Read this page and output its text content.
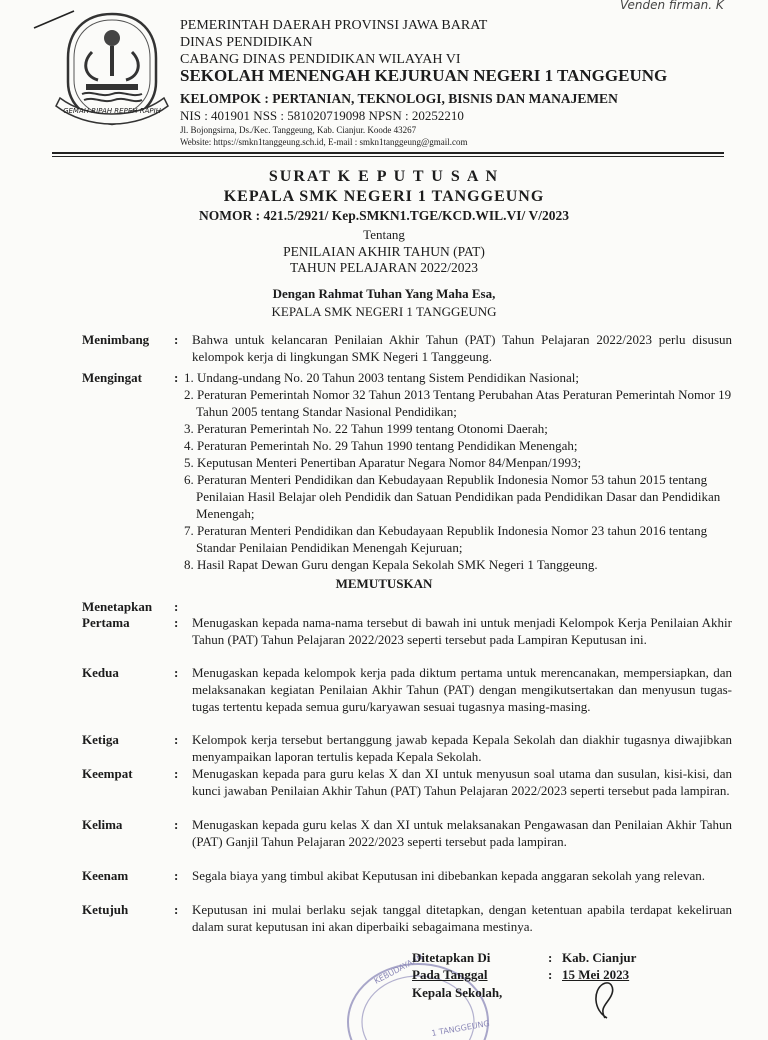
Venden firman. K
GEMAH RIPAH REPEH RAPIH
PEMERINTAH DAERAH PROVINSI JAWA BARAT
DINAS PENDIDIKAN
CABANG DINAS PENDIDIKAN WILAYAH VI
SEKOLAH MENENGAH KEJURUAN NEGERI 1 TANGGEUNG
KELOMPOK : PERTANIAN, TEKNOLOGI, BISNIS DAN MANAJEMEN
NIS : 401901 NSS : 581020719098 NPSN : 20252210
Jl. Bojongsirna, Ds./Kec. Tanggeung, Kab. Cianjur. Koode 43267
Website: https://smkn1tanggeung.sch.id, E-mail : smkn1tanggeung@gmail.com
SURAT K E P U T U S A N
KEPALA SMK NEGERI 1 TANGGEUNG
NOMOR : 421.5/2921/ Kep.SMKN1.TGE/KCD.WIL.VI/ V/2023
Tentang
PENILAIAN AKHIR TAHUN (PAT)
TAHUN PELAJARAN 2022/2023
Dengan Rahmat Tuhan Yang Maha Esa,
KEPALA SMK NEGERI 1 TANGGEUNG
Menimbang : Bahwa untuk kelancaran Penilaian Akhir Tahun (PAT) Tahun Pelajaran 2022/2023 perlu disusun kelompok kerja di lingkungan SMK Negeri 1 Tanggeung.
Mengingat : 1. Undang-undang No. 20 Tahun 2003 tentang Sistem Pendidikan Nasional;
2. Peraturan Pemerintah Nomor 32 Tahun 2013 Tentang Perubahan Atas Peraturan Pemerintah Nomor 19 Tahun 2005 tentang Standar Nasional Pendidikan;
3. Peraturan Pemerintah No. 22 Tahun 1999 tentang Otonomi Daerah;
4. Peraturan Pemerintah No. 29 Tahun 1990 tentang Pendidikan Menengah;
5. Keputusan Menteri Penertiban Aparatur Negara Nomor 84/Menpan/1993;
6. Peraturan Menteri Pendidikan dan Kebudayaan Republik Indonesia Nomor 53 tahun 2015 tentang Penilaian Hasil Belajar oleh Pendidik dan Satuan Pendidikan pada Pendidikan Dasar dan Pendidikan Menengah;
7. Peraturan Menteri Pendidikan dan Kebudayaan Republik Indonesia Nomor 23 tahun 2016 tentang Standar Penilaian Pendidikan Menengah Kejuruan;
8. Hasil Rapat Dewan Guru dengan Kepala Sekolah SMK Negeri 1 Tanggeung.
MEMUTUSKAN
Menetapkan :
Pertama	: Menugaskan kepada nama-nama tersebut di bawah ini untuk menjadi Kelompok Kerja Penilaian Akhir Tahun (PAT) Tahun Pelajaran 2022/2023 seperti tersebut pada Lampiran Keputusan ini.
Kedua	: Menugaskan kepada kelompok kerja pada diktum pertama untuk merencanakan, mempersiapkan, dan melaksanakan kegiatan Penilaian Akhir Tahun (PAT) dengan mengikutsertakan dan menyusun tugas-tugas tertentu kepada semua guru/karyawan sesuai tugasnya masing-masing.
Ketiga	: Kelompok kerja tersebut bertanggung jawab kepada Kepala Sekolah dan diakhir tugasnya diwajibkan menyampaikan laporan tertulis kepada Kepala Sekolah.
Keempat	: Menugaskan kepada para guru kelas X dan XI untuk menyusun soal utama dan susulan, kisi-kisi, dan kunci jawaban Penilaian Akhir Tahun (PAT) Tahun Pelajaran 2022/2023 seperti tersebut pada lampiran.
Kelima	: Menugaskan kepada guru kelas X dan XI untuk melaksanakan Pengawasan dan Penilaian Akhir Tahun (PAT) Ganjil Tahun Pelajaran 2022/2023 seperti tersebut pada lampiran.
Keenam	: Segala biaya yang timbul akibat Keputusan ini dibebankan kepada anggaran sekolah yang relevan.
Ketujuh	: Keputusan ini mulai berlaku sejak tanggal ditetapkan, dengan ketentuan apabila terdapat kekeliruan dalam surat keputusan ini akan diperbaiki sebagaimana mestinya.
KEBUDAYAAN
1 TANGGEUNG
Ditetapkan Di	: Kab. Cianjur
Pada Tanggal	: 15 Mei 2023
Kepala Sekolah,
